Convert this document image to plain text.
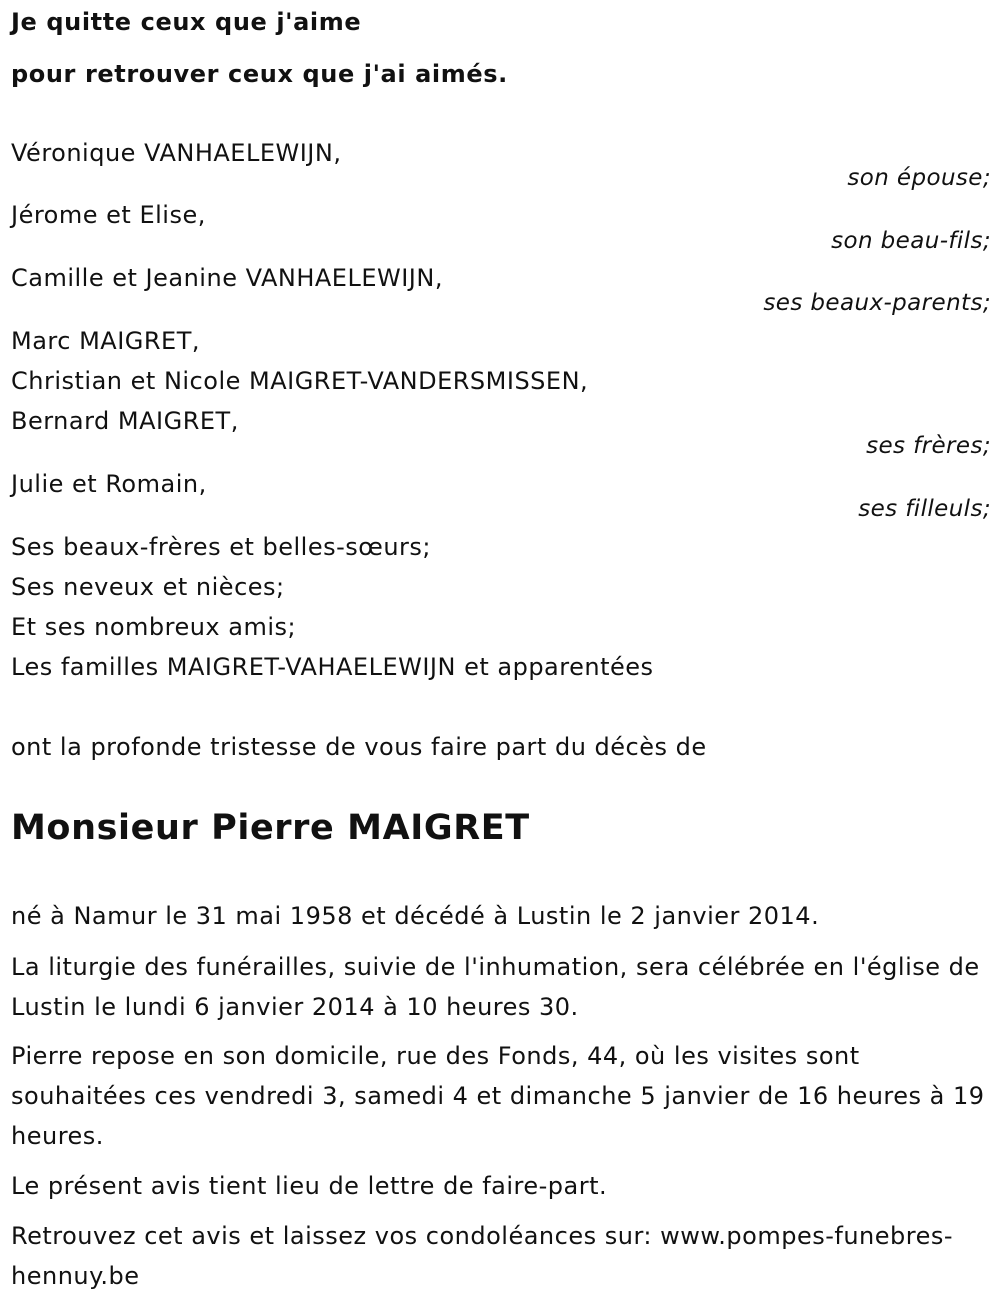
Je quitte ceux que j'aime

pour retrouver ceux que j'ai aimés.

Véronique VANHAELEWIJN,
son épouse;
Jérome et Elise,
son beau-fils;
Camille et Jeanine VANHAELEWIJN,
ses beaux-parents;
Marc MAIGRET,
Christian et Nicole MAIGRET-VANDERSMISSEN,
Bernard MAIGRET,
ses frères;
Julie et Romain,
ses filleuls;
Ses beaux-frères et belles-sœurs;
Ses neveux et nièces;
Et ses nombreux amis;
Les familles MAIGRET-VAHAELEWIJN et apparentées
ont la profonde tristesse de vous faire part du décès de
Monsieur Pierre MAIGRET

né à Namur le 31 mai 1958 et décédé à Lustin le 2 janvier 2014.

La liturgie des funérailles, suivie de l'inhumation, sera célébrée en l'église de Lustin le lundi 6 janvier 2014 à 10 heures 30.

Pierre repose en son domicile, rue des Fonds, 44, où les visites sont souhaitées ces vendredi 3, samedi 4 et dimanche 5 janvier de 16 heures à 19 heures.

Le présent avis tient lieu de lettre de faire-part.

Retrouvez cet avis et laissez vos condoléances sur: www.pompes-funebres-hennuy.be
